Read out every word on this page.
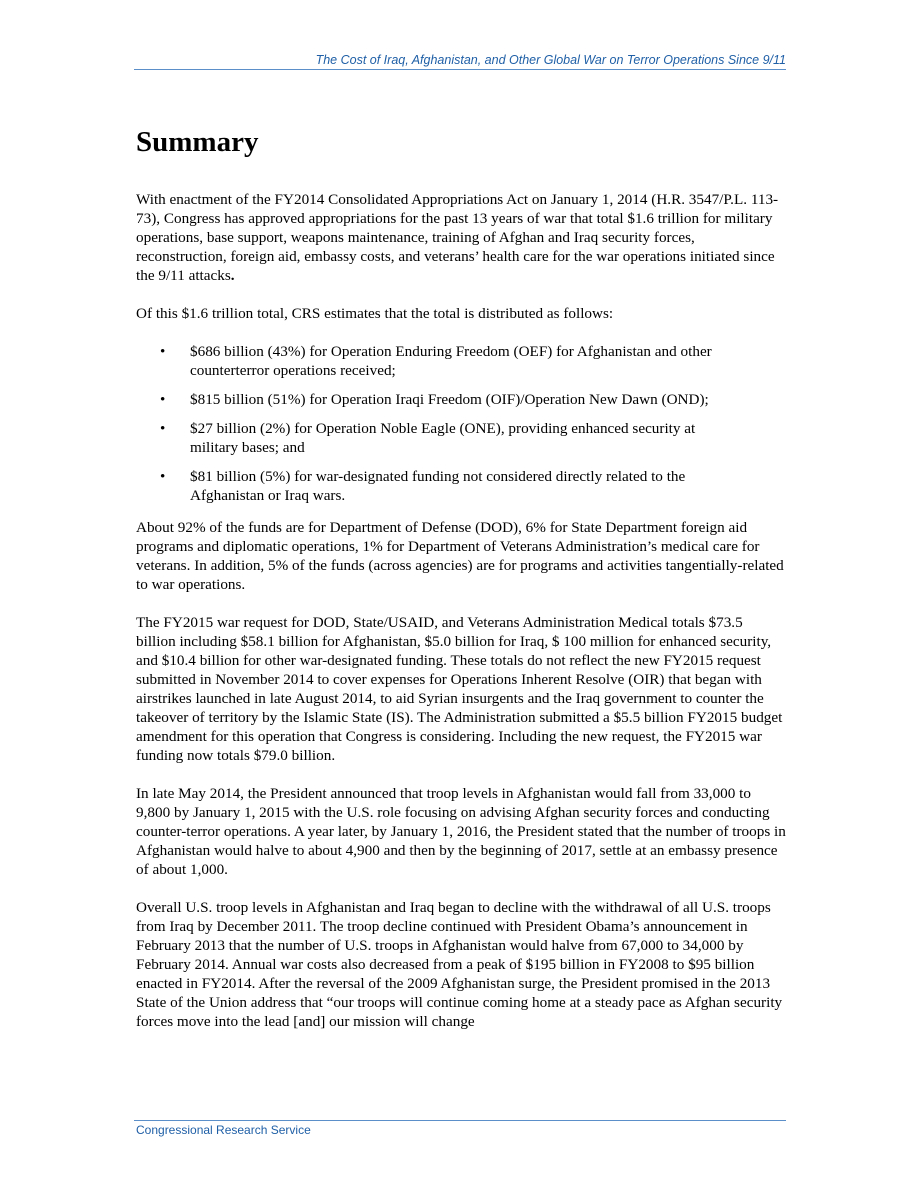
The Cost of Iraq, Afghanistan, and Other Global War on Terror Operations Since 9/11
Summary

With enactment of the FY2014 Consolidated Appropriations Act on January 1, 2014 (H.R. 3547/P.L. 113-73), Congress has approved appropriations for the past 13 years of war that total $1.6 trillion for military operations, base support, weapons maintenance, training of Afghan and Iraq security forces, reconstruction, foreign aid, embassy costs, and veterans’ health care for the war operations initiated since the 9/11 attacks.

Of this $1.6 trillion total, CRS estimates that the total is distributed as follows:

• $686 billion (43%) for Operation Enduring Freedom (OEF) for Afghanistan and other counterterror operations received;
• $815 billion (51%) for Operation Iraqi Freedom (OIF)/Operation New Dawn (OND);
• $27 billion (2%) for Operation Noble Eagle (ONE), providing enhanced security at military bases; and
• $81 billion (5%) for war-designated funding not considered directly related to the Afghanistan or Iraq wars.

About 92% of the funds are for Department of Defense (DOD), 6% for State Department foreign aid programs and diplomatic operations, 1% for Department of Veterans Administration’s medical care for veterans. In addition, 5% of the funds (across agencies) are for programs and activities tangentially-related to war operations.

The FY2015 war request for DOD, State/USAID, and Veterans Administration Medical totals $73.5 billion including $58.1 billion for Afghanistan, $5.0 billion for Iraq, $ 100 million for enhanced security, and $10.4 billion for other war-designated funding. These totals do not reflect the new FY2015 request submitted in November 2014 to cover expenses for Operations Inherent Resolve (OIR) that began with airstrikes launched in late August 2014, to aid Syrian insurgents and the Iraq government to counter the takeover of territory by the Islamic State (IS). The Administration submitted a $5.5 billion FY2015 budget amendment for this operation that Congress is considering. Including the new request, the FY2015 war funding now totals $79.0 billion.

In late May 2014, the President announced that troop levels in Afghanistan would fall from 33,000 to 9,800 by January 1, 2015 with the U.S. role focusing on advising Afghan security forces and conducting counter-terror operations. A year later, by January 1, 2016, the President stated that the number of troops in Afghanistan would halve to about 4,900 and then by the beginning of 2017, settle at an embassy presence of about 1,000.

Overall U.S. troop levels in Afghanistan and Iraq began to decline with the withdrawal of all U.S. troops from Iraq by December 2011. The troop decline continued with President Obama’s announcement in February 2013 that the number of U.S. troops in Afghanistan would halve from 67,000 to 34,000 by February 2014. Annual war costs also decreased from a peak of $195 billion in FY2008 to $95 billion enacted in FY2014. After the reversal of the 2009 Afghanistan surge, the President promised in the 2013 State of the Union address that “our troops will continue coming home at a steady pace as Afghan security forces move into the lead [and] our mission will change

Congressional Research Service
